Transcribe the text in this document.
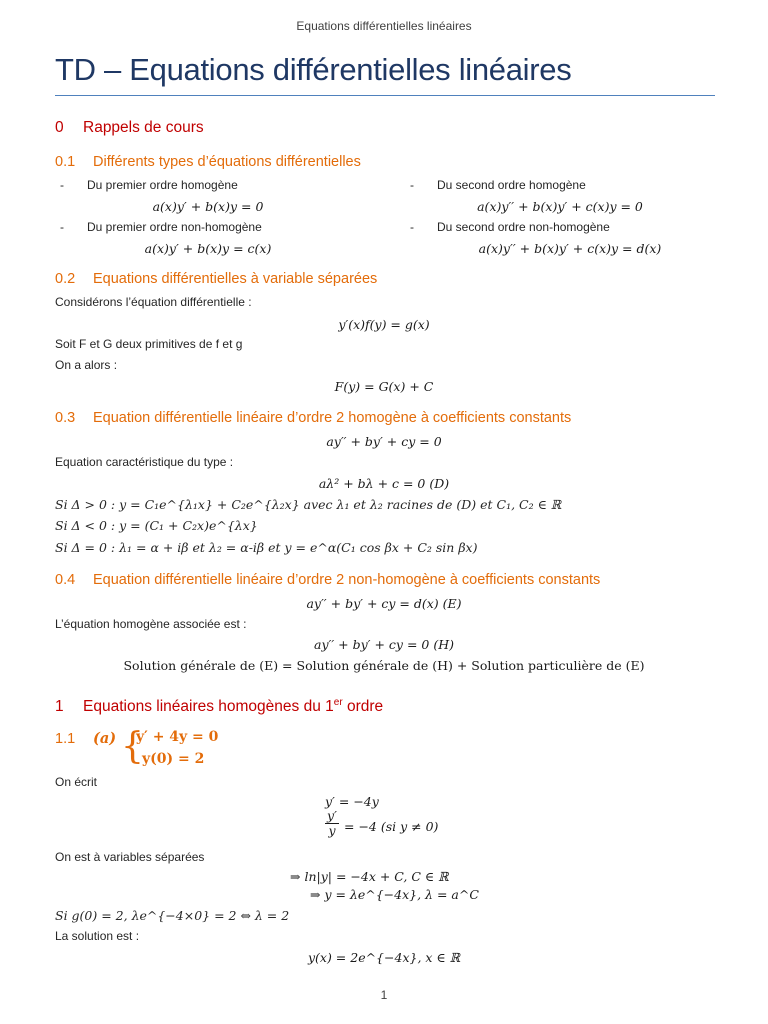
Equations différentielles linéaires
TD – Equations différentielles linéaires
0 Rappels de cours
0.1 Différents types d’équations différentielles
- Du premier ordre homogène
a(x)y′ + b(x)y = 0
- Du second ordre homogène
a(x)y′′ + b(x)y′ + c(x)y = 0
- Du premier ordre non-homogène
a(x)y′ + b(x)y = c(x)
- Du second ordre non-homogène
a(x)y′′ + b(x)y′ + c(x)y = d(x)
0.2 Equations différentielles à variable séparées
Considérons l’équation différentielle :
y′(x)f(y) = g(x)
Soit F et G deux primitives de f et g
On a alors :
F(y) = G(x) + C
0.3 Equation différentielle linéaire d’ordre 2 homogène à coefficients constants
ay′′ + by′ + cy = 0
Equation caractéristique du type :
aλ² + bλ + c = 0 (D)
Si Δ > 0 : y = C₁e^{λ₁x} + C₂e^{λ₂x} avec λ₁ et λ₂ racines de (D) et C₁, C₂ ∈ ℝ
Si Δ < 0 : y = (C₁ + C₂x)e^{λx}
Si Δ = 0 : λ₁ = α + iβ et λ₂ = α-iβ et y = e^α(C₁ cos βx + C₂ sin βx)
0.4 Equation différentielle linéaire d’ordre 2 non-homogène à coefficients constants
ay′′ + by′ + cy = d(x) (E)
L’équation homogène associée est :
ay′′ + by′ + cy = 0 (H)
Solution générale de (E) = Solution générale de (H) + Solution particulière de (E)
1 Equations linéaires homogènes du 1er ordre
1.1 (a) {
y′ + 4y = 0
y(0) = 2
On écrit
y′ = −4y
y′
y = −4 (si y ≠ 0)
On est à variables séparées
⇒ ln|y| = −4x + C, C ∈ ℝ
⇒ y = λe^{−4x}, λ = a^C
Si g(0) = 2, λe^{−4×0} = 2 ⇔ λ = 2
La solution est :
y(x) = 2e^{−4x}, x ∈ ℝ
1
